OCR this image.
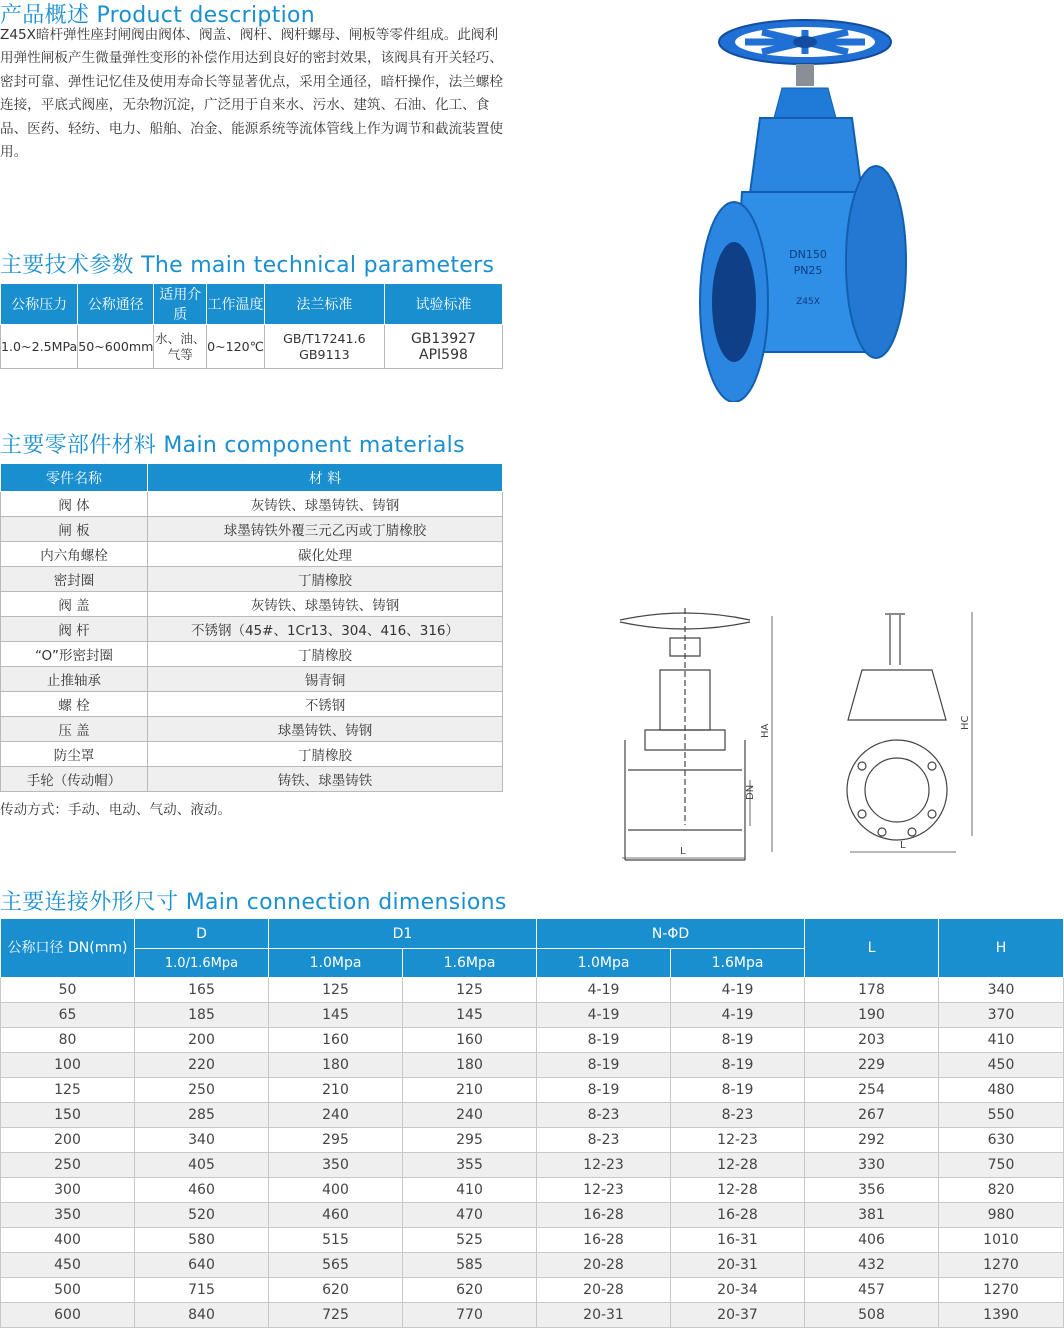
产品概述 Product description
Z45X暗杆弹性座封闸阀由阀体、阀盖、阀杆、阀杆螺母、闸板等零件组成。此阀利用弹性闸板产生微量弹性变形的补偿作用达到良好的密封效果，该阀具有开关轻巧、密封可靠、弹性记忆佳及使用寿命长等显著优点，采用全通径，暗杆操作，法兰螺栓连接，平底式阀座，无杂物沉淀，广泛用于自来水、污水、建筑、石油、化工、食品、医药、轻纺、电力、船舶、冶金、能源系统等流体管线上作为调节和截流装置使用。
主要技术参数 The main technical parameters
公称压力	公称通径	适用介质	工作温度	法兰标准	试验标准
1.0~2.5MPa	50~600mm	水、油、气等	0~120℃	GB/T17241.6 GB9113	GB13927 API598
主要零部件材料 Main component materials
零件名称	材 料
阀 体	灰铸铁、球墨铸铁、铸钢
闸 板	球墨铸铁外覆三元乙丙或丁腈橡胶
内六角螺栓	碳化处理
密封圈	丁腈橡胶
阀 盖	灰铸铁、球墨铸铁、铸钢
阀 杆	不锈钢（45#、1Cr13、304、416、316）
“O”形密封圈	丁腈橡胶
止推轴承	锡青铜
螺 栓	不锈钢
压 盖	球墨铸铁、铸钢
防尘罩	丁腈橡胶
手轮（传动帽）	铸铁、球墨铸铁
传动方式：手动、电动、气动、液动。
DN150
PN25
Z45X
HA
DN
L
HC
L
主要连接外形尺寸 Main connection dimensions
公称口径 DN(mm)	D	D1		N-ΦD		L	H
	1.0/1.6Mpa	1.0Mpa	1.6Mpa	1.0Mpa	1.6Mpa		
50	165	125	125	4-19	4-19	178	340
65	185	145	145	4-19	4-19	190	370
80	200	160	160	8-19	8-19	203	410
100	220	180	180	8-19	8-19	229	450
125	250	210	210	8-19	8-19	254	480
150	285	240	240	8-23	8-23	267	550
200	340	295	295	8-23	12-23	292	630
250	405	350	355	12-23	12-28	330	750
300	460	400	410	12-23	12-28	356	820
350	520	460	470	16-28	16-28	381	980
400	580	515	525	16-28	16-31	406	1010
450	640	565	585	20-28	20-31	432	1270
500	715	620	620	20-28	20-34	457	1270
600	840	725	770	20-31	20-37	508	1390
